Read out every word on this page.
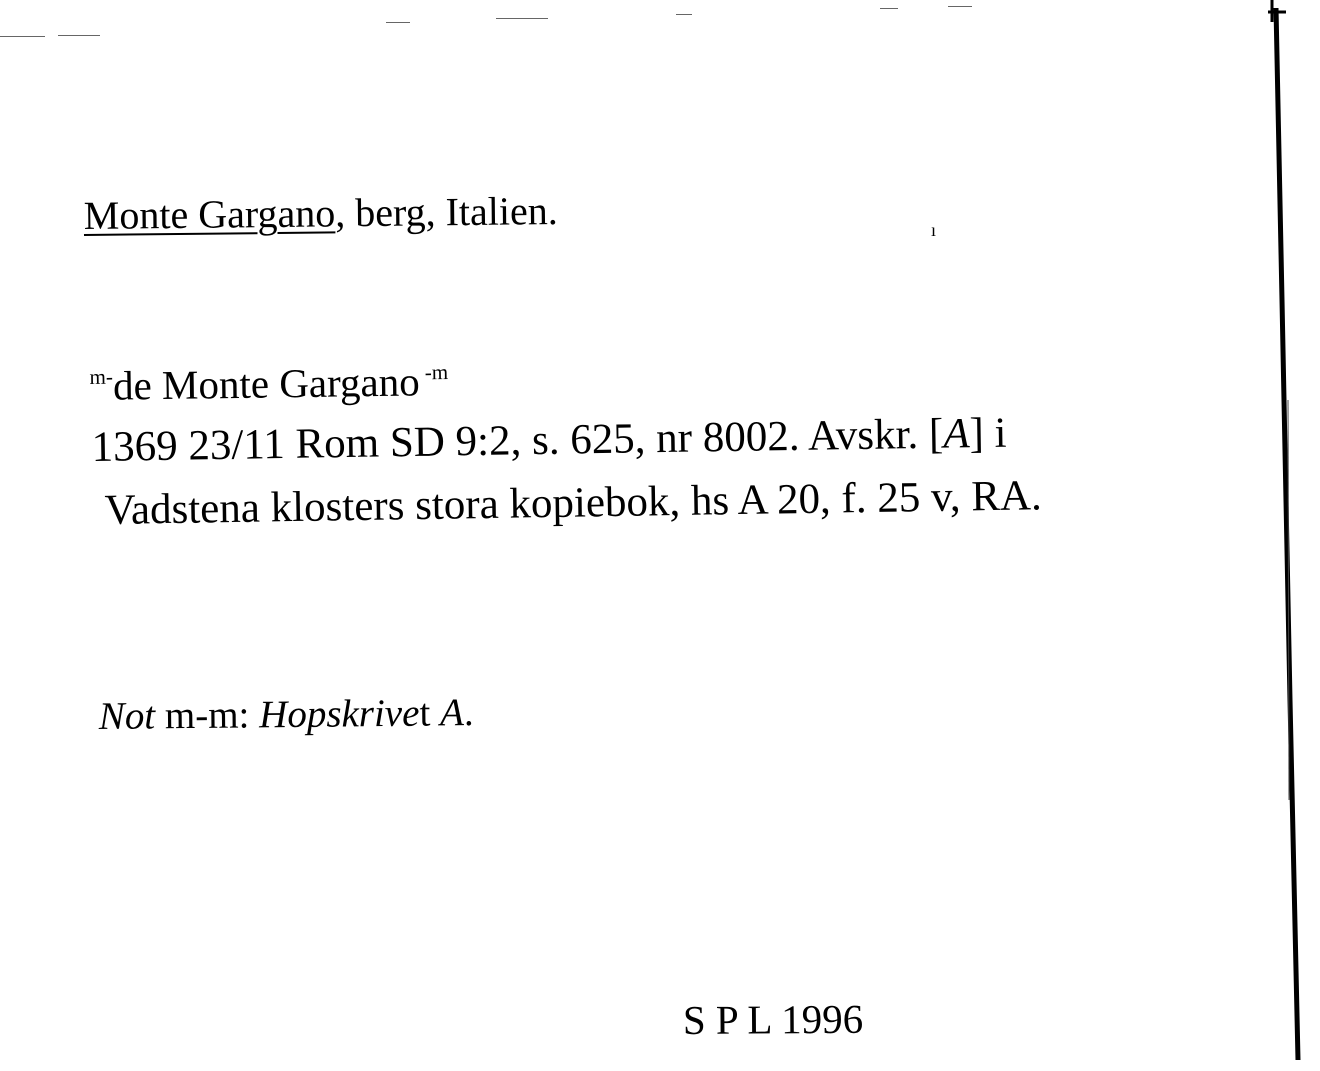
Monte Gargano, berg, Italien.	ı
$^{m-}$de Monte Gargano $^{-m}$
1369 23/11 Rom SD 9:2, s. 625, nr 8002. Avskr. [A] i
Vadstena klosters stora kopiebok, hs A 20, f. 25 v, RA.
Not m-m: Hopskrivet A.
S P L 1996
